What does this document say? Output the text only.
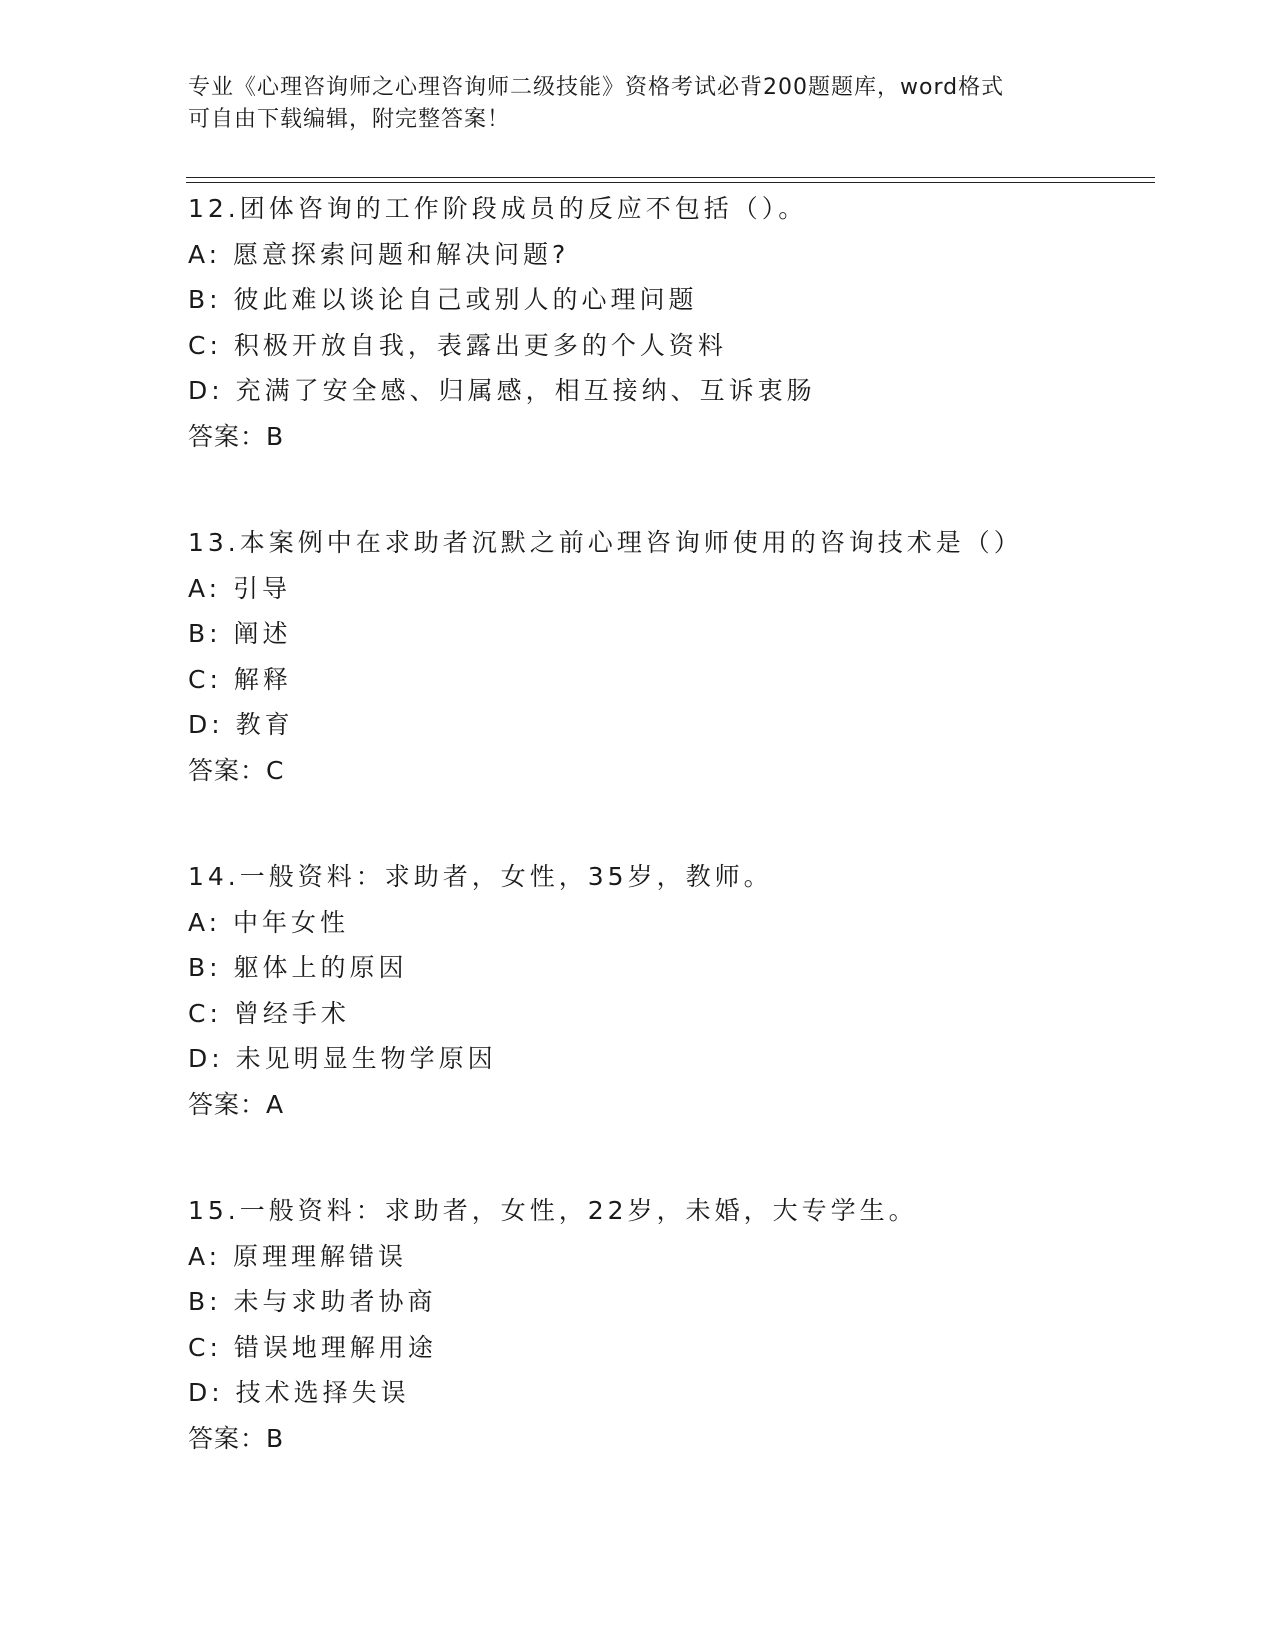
专业《心理咨询师之心理咨询师二级技能》资格考试必背200题题库，word格式
可自由下载编辑，附完整答案！
12.团体咨询的工作阶段成员的反应不包括（）。
A: 愿意探索问题和解决问题?
B: 彼此难以谈论自己或别人的心理问题
C: 积极开放自我，表露出更多的个人资料
D: 充满了安全感、归属感，相互接纳、互诉衷肠
答案：B
13.本案例中在求助者沉默之前心理咨询师使用的咨询技术是（）
A: 引导
B: 阐述
C: 解释
D: 教育
答案：C
14.一般资料：求助者，女性，35岁，教师。
A: 中年女性
B: 躯体上的原因
C: 曾经手术
D: 未见明显生物学原因
答案：A
15.一般资料：求助者，女性，22岁，未婚，大专学生。
A: 原理理解错误
B: 未与求助者协商
C: 错误地理解用途
D: 技术选择失误
答案：B
